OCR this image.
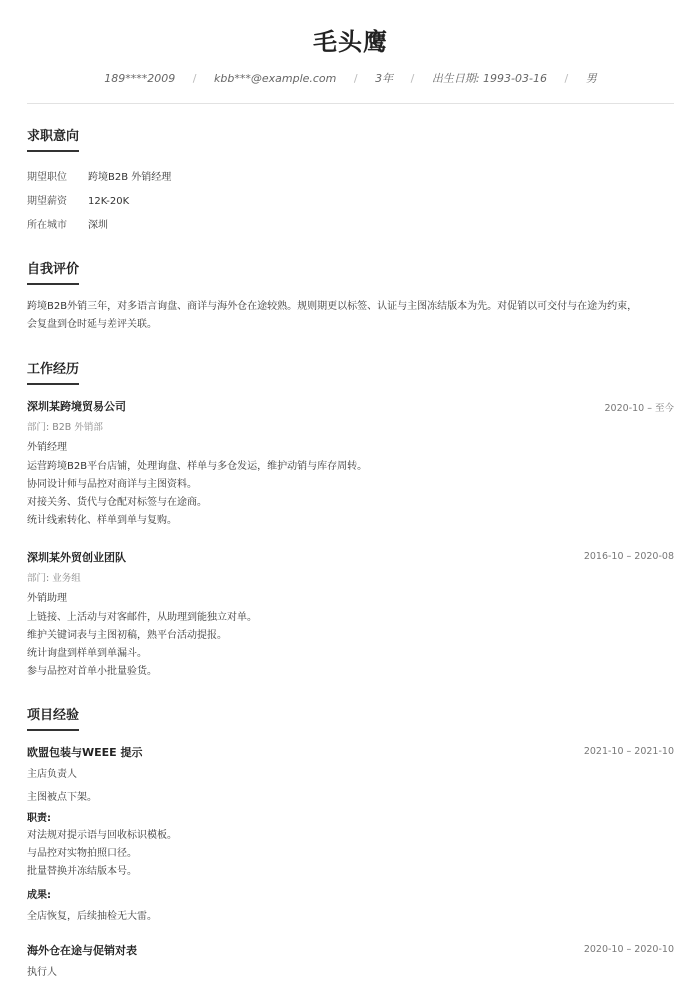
毛头鹰
189****2009 / kbb***@example.com / 3年 / 出生日期: 1993-03-16 / 男
求职意向
期望职位 跨境B2B 外销经理
期望薪资 12K-20K
所在城市 深圳
自我评价
跨境B2B外销三年，对多语言询盘、商详与海外仓在途较熟。规则期更以标签、认证与主图冻结版本为先。对促销以可交付与在途为约束，
会复盘到仓时延与差评关联。
工作经历
深圳某跨境贸易公司	2020-10 – 至今
部门: B2B 外销部
外销经理
运营跨境B2B平台店铺，处理询盘、样单与多仓发运，维护动销与库存周转。
协同设计师与品控对商详与主图资料。
对接关务、货代与仓配对标签与在途商。
统计线索转化、样单到单与复购。
深圳某外贸创业团队	2016-10 – 2020-08
部门: 业务组
外销助理
上链接、上活动与对客邮件，从助理到能独立对单。
维护关键词表与主图初稿，熟平台活动提报。
统计询盘到样单到单漏斗。
参与品控对首单小批量验货。
项目经验
欧盟包装与WEEE 提示	2021-10 – 2021-10
主店负责人
主图被点下架。
职责:
对法规对提示语与回收标识模板。
与品控对实物拍照口径。
批量替换并冻结版本号。
成果:
全店恢复，后续抽检无大雷。
海外仓在途与促销对表	2020-10 – 2020-10
执行人
